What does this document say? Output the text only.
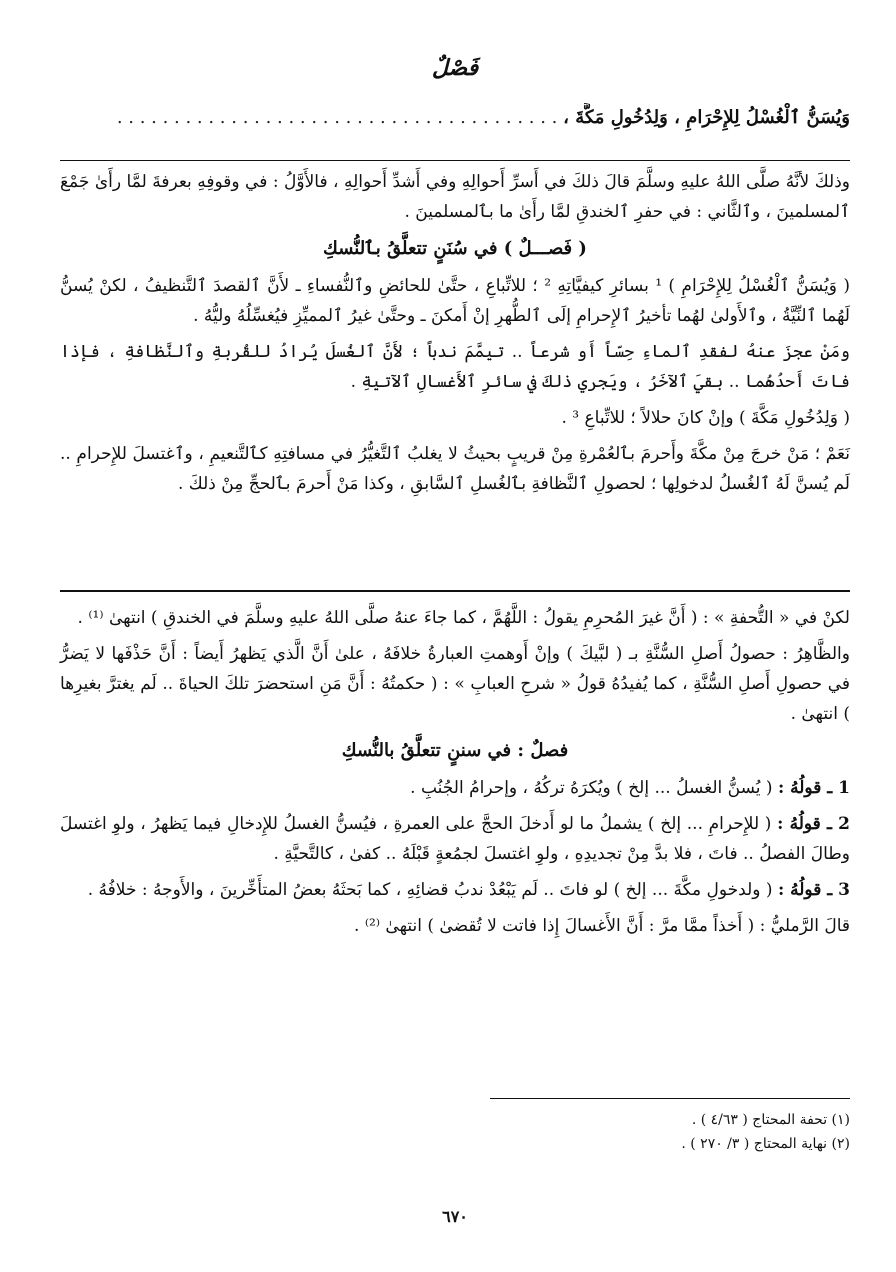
فَصْلٌ
وَيُسَنُّ ٱلْغُسْلُ لِلإِحْرَامِ ، وَلِدُخُولِ مَكَّةَ ، . . . . . . . . . . . . . . . . . . . . . . . . . . . . . . . . . . . . . . .

وذلكَ لأنَّهُ صلَّى اللهُ عليهِ وسلَّمَ قالَ ذلكَ في أَسرِّ أَحوالِهِ وفي أَشدِّ أَحوالِهِ ، فالأَوَّلُ : في وقوفِهِ بعرفةَ لمَّا رأَىٰ جَمْعَ ٱلمسلمينَ ، وٱلثَّاني : في حفرِ ٱلخندقِ لمَّا رأَىٰ ما بٱلمسلمينَ .

( فَصـــلٌ ) في سُنَنٍ تتعلَّقُ بٱلنُّسكِ

( وَيُسَنُّ ٱلْغُسْلُ لِلإِحْرَامِ ) ¹ بسائرِ كيفيَّاتِهِ ² ؛ للاتِّباعِ ، حتَّىٰ للحائضِ وٱلنُّفساءِ ـ لأَنَّ ٱلقصدَ ٱلتَّنظيفُ ، لكنْ يُسنُّ لَهُما ٱلنِّيَّةُ ، وٱلأَولىٰ لهُما تأخيرُ ٱلإِحرامِ إلَى ٱلطُّهرِ إنْ أَمكنَ ـ وحتَّىٰ غيرُ ٱلمميِّزِ فيُغسِّلُهُ وليُّهُ .

ومَنْ عجزَ عنهُ لفقدِ ٱلماءِ حِسّاً أَو شرعاً .. تيمَّمَ ندباً ؛ لأَنَّ ٱلغُسلَ يُرادُ للقُربةِ وٱلنَّظافةِ ، فإذا فاتَ أَحدُهُما .. بقيَ ٱلآخَرُ ، ويَجري ذلكَ في سائرِ ٱلأَغسالِ ٱلآتيةِ .

( وَلِدُخُولِ مَكَّةَ ) وإنْ كانَ حلالاً ؛ للاتِّباعِ ³ .

نَعَمْ ؛ مَنْ خرجَ مِنْ مكَّةَ وأَحرمَ بٱلعُمْرةِ مِنْ قريبٍ بحيثُ لا يغلبُ ٱلتَّغيُّرُ في مسافتِهِ كٱلتَّنعيمِ ، وٱغتسلَ للإِحرامِ .. لَم يُسنَّ لَهُ ٱلغُسلُ لدخولِها ؛ لحصولِ ٱلنَّظافةِ بٱلغُسلِ ٱلسَّابقِ ، وكذا مَنْ أَحرمَ بٱلحجِّ مِنْ ذلكَ .

لكنْ في « التُّحفةِ » : ( أَنَّ غيرَ المُحرِمِ يقولُ : اللَّهُمَّ ، كما جاءَ عنهُ صلَّى اللهُ عليهِ وسلَّمَ في الخندقِ ) انتهىٰ ⁽¹⁾ .

والظَّاهِرُ : حصولُ أَصلِ السُّنَّةِ بـ ( لبَّيكَ ) وإنْ أَوهمتِ العبارةُ خلافَهُ ، علىٰ أَنَّ الَّذي يَظهرُ أَيضاً : أَنَّ حَذْفَها لا يَضرُّ في حصولِ أَصلِ السُّنَّةِ ، كما يُفيدُهُ قولُ « شرحِ العبابِ » : ( حكمتُهُ : أَنَّ مَنِ استحضرَ تلكَ الحياةَ .. لَم يغترَّ بغيرِها ) انتهىٰ .

فصلٌ : في سننٍ تتعلَّقُ بالنُّسكِ

1 ـ قولُهُ : ( يُسنُّ الغسلُ ... إلخ ) ويُكرَهُ تركُهُ ، وإحرامُ الجُنُبِ .

2 ـ قولُهُ : ( للإِحرامِ ... إلخ ) يشملُ ما لو أَدخلَ الحجَّ على العمرةِ ، فيُسنُّ الغسلُ للإِدخالِ فيما يَظهرُ ، ولوِ اغتسلَ وطالَ الفصلُ .. فاتَ ، فلا بدَّ مِنْ تجديدِهِ ، ولوِ اغتسلَ لجمُعةٍ قَبْلَهُ .. كفىٰ ، كالتَّحيَّةِ .

3 ـ قولُهُ : ( ولدخولِ مكَّةَ ... إلخ ) لو فاتَ .. لَم يَبْعُدْ ندبُ قضائِهِ ، كما بَحثَهُ بعضُ المتأَخِّرينَ ، والأَوجهُ : خلافُهُ .

قالَ الرَّمليُّ : ( أَخذاً ممَّا مرَّ : أَنَّ الأَغسالَ إِذا فاتت لا تُقضىٰ ) انتهىٰ ⁽²⁾ .

(١) تحفة المحتاج ( ٤/٦٣ ) .
(٢) نهاية المحتاج ( ٣/ ٢٧٠ ) .
٦٧٠
